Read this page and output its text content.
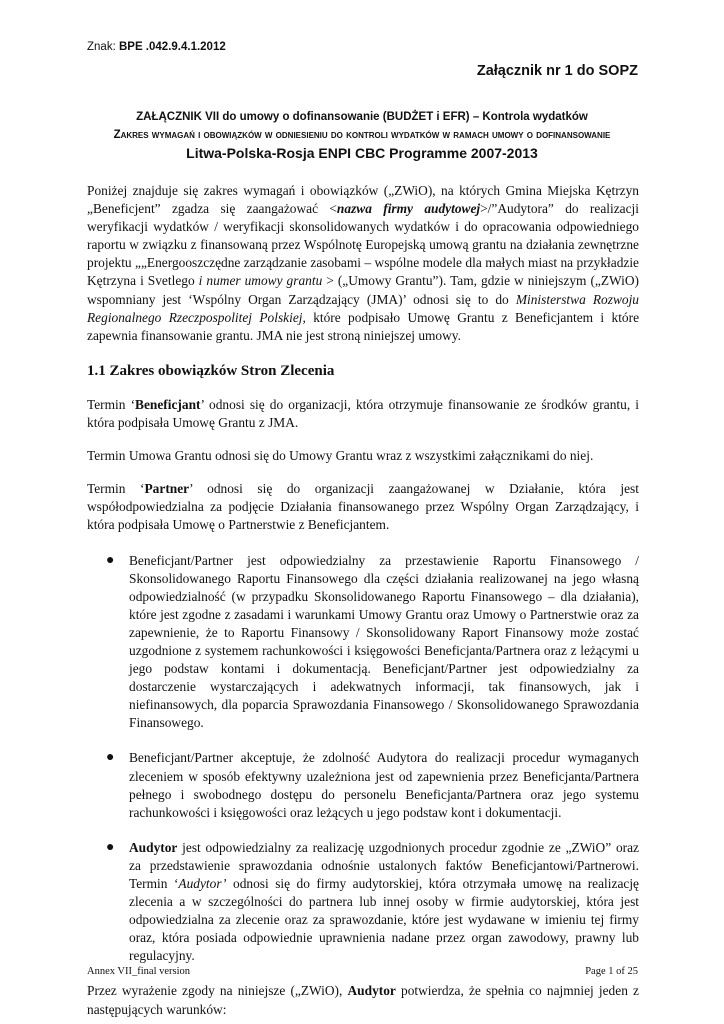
Znak: BPE .042.9.4.1.2012
Załącznik nr 1 do SOPZ
ZAŁĄCZNIK VII do umowy o dofinansowanie (BUDŻET i EFR) – Kontrola wydatków
Zakres wymagań i obowiązków w odniesieniu do kontroli wydatków w ramach umowy o dofinansowanie
Litwa-Polska-Rosja ENPI CBC Programme 2007-2013

Poniżej znajduje się zakres wymagań i obowiązków („ZWiO), na których Gmina Miejska Kętrzyn „Beneficjent” zgadza się zaangażować <nazwa firmy audytowej>/”Audytora” do realizacji weryfikacji wydatków / weryfikacji skonsolidowanych wydatków i do opracowania odpowiedniego raportu w związku z finansowaną przez Wspólnotę Europejską umową grantu na działania zewnętrzne projektu „„Energooszczędne zarządzanie zasobami – wspólne modele dla małych miast na przykładzie Kętrzyna i Svetlego i numer umowy grantu > („Umowy Grantu”). Tam, gdzie w niniejszym („ZWiO) wspomniany jest ‘Wspólny Organ Zarządzający (JMA)’ odnosi się to do Ministerstwa Rozwoju Regionalnego Rzeczpospolitej Polskiej, które podpisało Umowę Grantu z Beneficjantem i które zapewnia finansowanie grantu. JMA nie jest stroną niniejszej umowy.

1.1 Zakres obowiązków Stron Zlecenia

Termin ‘Beneficjant’ odnosi się do organizacji, która otrzymuje finansowanie ze środków grantu, i która podpisała Umowę Grantu z JMA.

Termin Umowa Grantu odnosi się do Umowy Grantu wraz z wszystkimi załącznikami do niej.

Termin ‘Partner’ odnosi się do organizacji zaangażowanej w Działanie, która jest współodpowiedzialna za podjęcie Działania finansowanego przez Wspólny Organ Zarządzający, i która podpisała Umowę o Partnerstwie z Beneficjantem.

● Beneficjant/Partner jest odpowiedzialny za przestawienie Raportu Finansowego / Skonsolidowanego Raportu Finansowego dla części działania realizowanej na jego własną odpowiedzialność (w przypadku Skonsolidowanego Raportu Finansowego – dla działania), które jest zgodne z zasadami i warunkami Umowy Grantu oraz Umowy o Partnerstwie oraz za zapewnienie, że to Raportu Finansowy / Skonsolidowany Raport Finansowy może zostać uzgodnione z systemem rachunkowości i księgowości Beneficjanta/Partnera oraz z leżącymi u jego podstaw kontami i dokumentacją. Beneficjant/Partner jest odpowiedzialny za dostarczenie wystarczających i adekwatnych informacji, tak finansowych, jak i niefinansowych, dla poparcia Sprawozdania Finansowego / Skonsolidowanego Sprawozdania Finansowego.
● Beneficjant/Partner akceptuje, że zdolność Audytora do realizacji procedur wymaganych zleceniem w sposób efektywny uzależniona jest od zapewnienia przez Beneficjanta/Partnera pełnego i swobodnego dostępu do personelu Beneficjanta/Partnera oraz jego systemu rachunkowości i księgowości oraz leżących u jego podstaw kont i dokumentacji.
● Audytor jest odpowiedzialny za realizację uzgodnionych procedur zgodnie ze „ZWiO” oraz za przedstawienie sprawozdania odnośnie ustalonych faktów Beneficjantowi/Partnerowi. Termin ‘Audytor’ odnosi się do firmy audytorskiej, która otrzymała umowę na realizację zlecenia a w szczególności do partnera lub innej osoby w firmie audytorskiej, która jest odpowiedzialna za zlecenie oraz za sprawozdanie, które jest wydawane w imieniu tej firmy oraz, która posiada odpowiednie uprawnienia nadane przez organ zawodowy, prawny lub regulacyjny.

Przez wyrażenie zgody na niniejsze („ZWiO), Audytor potwierdza, że spełnia co najmniej jeden z następujących warunków:

Annex VII_final version	Page 1 of 25
